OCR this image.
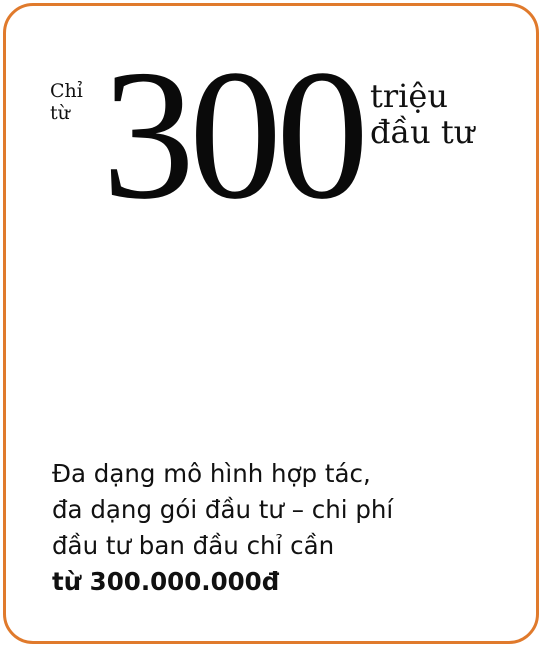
Chỉ
từ 300 triệu
đầu tư
Đa dạng mô hình hợp tác,
đa dạng gói đầu tư – chi phí
đầu tư ban đầu chỉ cần
từ 300.000.000đ
